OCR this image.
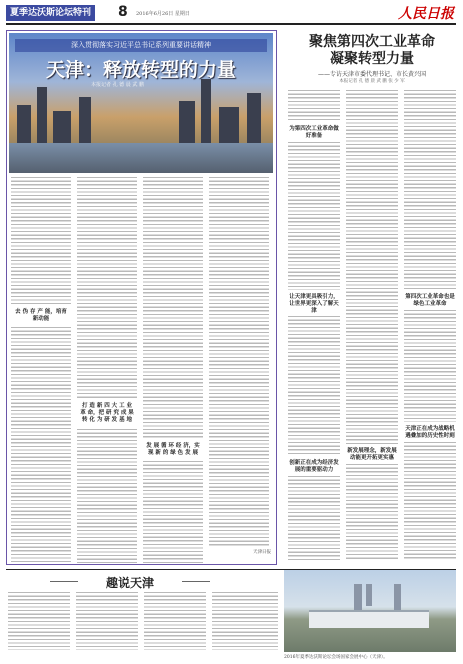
夏季达沃斯论坛特刊 8 2016年6月26日 星期日	人民日报
深入贯彻落实习近平总书记系列重要讲话精神
天津：释放转型的力量
本报记者 孔 德 晨 武 鹏
去 伪 存 产 能，培育新动能
打 造 新 四 大 工 业 革 命，把 研 究 成 果 转 化 为 研 发 基 地
发 展 循 环 经 济，实 现 新 的 绿 色 发 展
天津日报
聚焦第四次工业革命
凝聚转型力量
——专访天津市委代理书记、市长黄兴国
本报记者 孔 德 晨 武 鹏 张 少 军
为第四次工业革命做好准备
让天津更具吸引力，让世界更深入了解天津
创新正在成为经济发展的重要驱动力
新发展理念，新发展动能更开拓更实惠
第四次工业革命也是绿色工业革命
天津正在成为战略机遇叠加的历史性时刻
趣说天津
2016年夏季达沃斯论坛会场国家会展中心（天津）。
